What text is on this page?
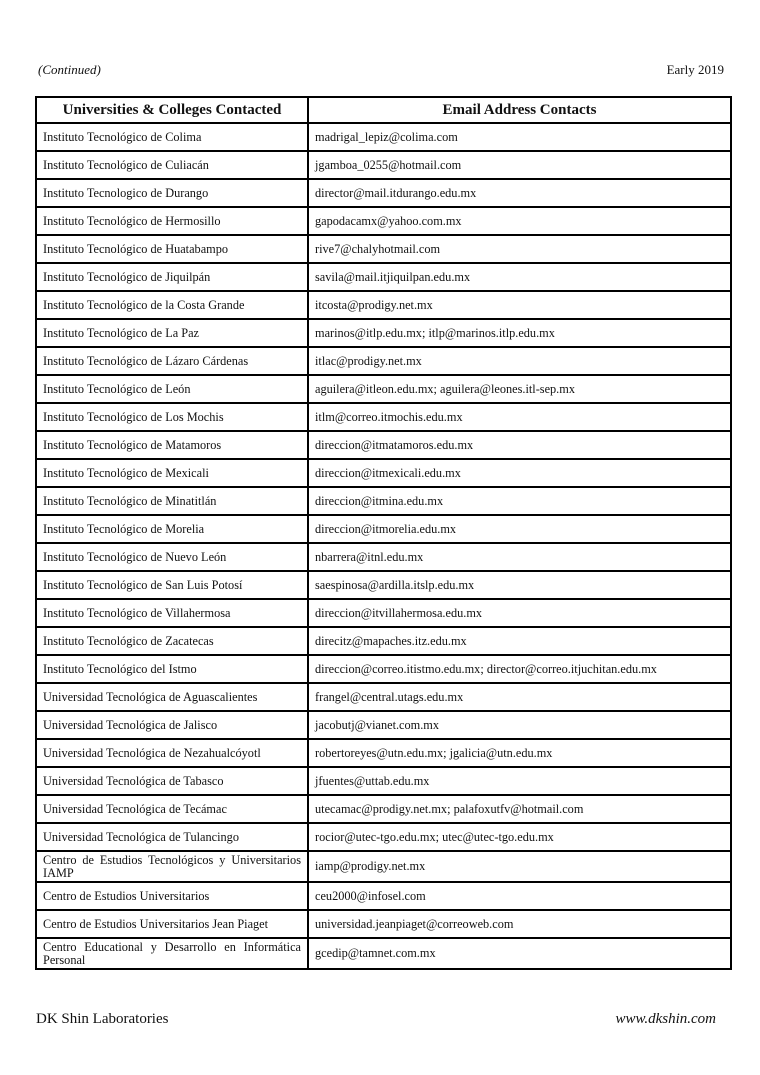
(Continued)	Early 2019
Universities & Colleges Contacted	Email Address Contacts
Instituto Tecnológico de Colima	madrigal_lepiz@colima.com
Instituto Tecnológico de Culiacán	jgamboa_0255@hotmail.com
Instituto Tecnologico de Durango	director@mail.itdurango.edu.mx
Instituto Tecnológico de Hermosillo	gapodacamx@yahoo.com.mx
Instituto Tecnológico de Huatabampo	rive7@chalyhotmail.com
Instituto Tecnológico de Jiquilpán	savila@mail.itjiquilpan.edu.mx
Instituto Tecnológico de la Costa Grande	itcosta@prodigy.net.mx
Instituto Tecnológico de La Paz	marinos@itlp.edu.mx; itlp@marinos.itlp.edu.mx
Instituto Tecnológico de Lázaro Cárdenas	itlac@prodigy.net.mx
Instituto Tecnológico de León	aguilera@itleon.edu.mx; aguilera@leones.itl-sep.mx
Instituto Tecnológico de Los Mochis	itlm@correo.itmochis.edu.mx
Instituto Tecnológico de Matamoros	direccion@itmatamoros.edu.mx
Instituto Tecnológico de Mexicali	direccion@itmexicali.edu.mx
Instituto Tecnológico de Minatitlán	direccion@itmina.edu.mx
Instituto Tecnológico de Morelia	direccion@itmorelia.edu.mx
Instituto Tecnológico de Nuevo León	nbarrera@itnl.edu.mx
Instituto Tecnológico de San Luis Potosí	saespinosa@ardilla.itslp.edu.mx
Instituto Tecnológico de Villahermosa	direccion@itvillahermosa.edu.mx
Instituto Tecnológico de Zacatecas	direcitz@mapaches.itz.edu.mx
Instituto Tecnológico del Istmo	direccion@correo.itistmo.edu.mx; director@correo.itjuchitan.edu.mx
Universidad Tecnológica de Aguascalientes	frangel@central.utags.edu.mx
Universidad Tecnológica de Jalisco	jacobutj@vianet.com.mx
Universidad Tecnológica de Nezahualcóyotl	robertoreyes@utn.edu.mx; jgalicia@utn.edu.mx
Universidad Tecnológica de Tabasco	jfuentes@uttab.edu.mx
Universidad Tecnológica de Tecámac	utecamac@prodigy.net.mx; palafoxutfv@hotmail.com
Universidad Tecnológica de Tulancingo	rocior@utec-tgo.edu.mx; utec@utec-tgo.edu.mx
Centro de Estudios Tecnológicos y Universitarios IAMP	iamp@prodigy.net.mx
Centro de Estudios Universitarios	ceu2000@infosel.com
Centro de Estudios Universitarios Jean Piaget	universidad.jeanpiaget@correoweb.com
Centro Educational y Desarrollo en Informática Personal	gcedip@tamnet.com.mx
DK Shin Laboratories	www.dkshin.com
